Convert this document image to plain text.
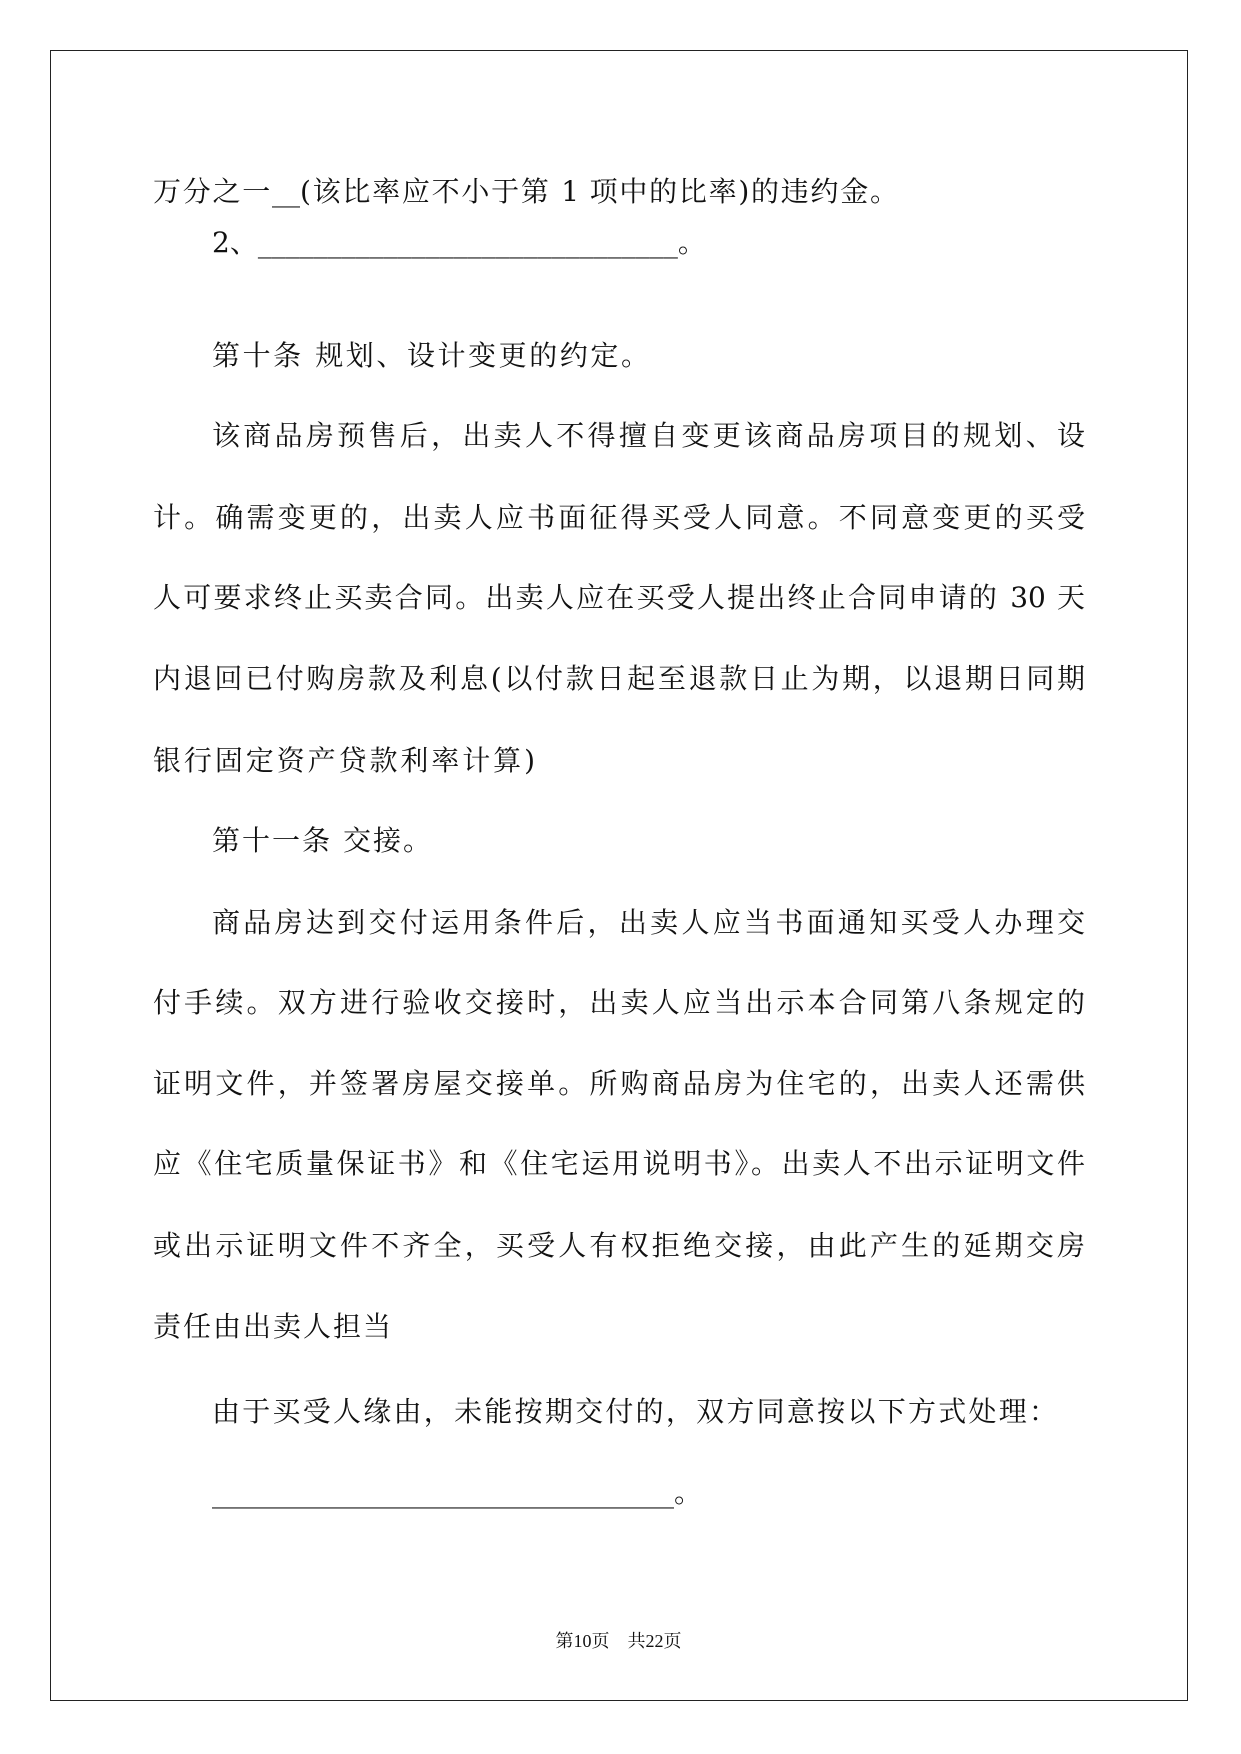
万分之一__(该比率应不小于第 1 项中的比率)的违约金。
2、______________________________。
第十条 规划、设计变更的约定。
该商品房预售后，出卖人不得擅自变更该商品房项目的规划、设
计。确需变更的，出卖人应书面征得买受人同意。不同意变更的买受
人可要求终止买卖合同。出卖人应在买受人提出终止合同申请的 30 天
内退回已付购房款及利息(以付款日起至退款日止为期，以退期日同期
银行固定资产贷款利率计算)
第十一条 交接。
商品房达到交付运用条件后，出卖人应当书面通知买受人办理交
付手续。双方进行验收交接时，出卖人应当出示本合同第八条规定的
证明文件，并签署房屋交接单。所购商品房为住宅的，出卖人还需供
应《住宅质量保证书》和《住宅运用说明书》。出卖人不出示证明文件
或出示证明文件不齐全，买受人有权拒绝交接，由此产生的延期交房
责任由出卖人担当
由于买受人缘由，未能按期交付的，双方同意按以下方式处理：
_________________________________。
第10页　共22页
